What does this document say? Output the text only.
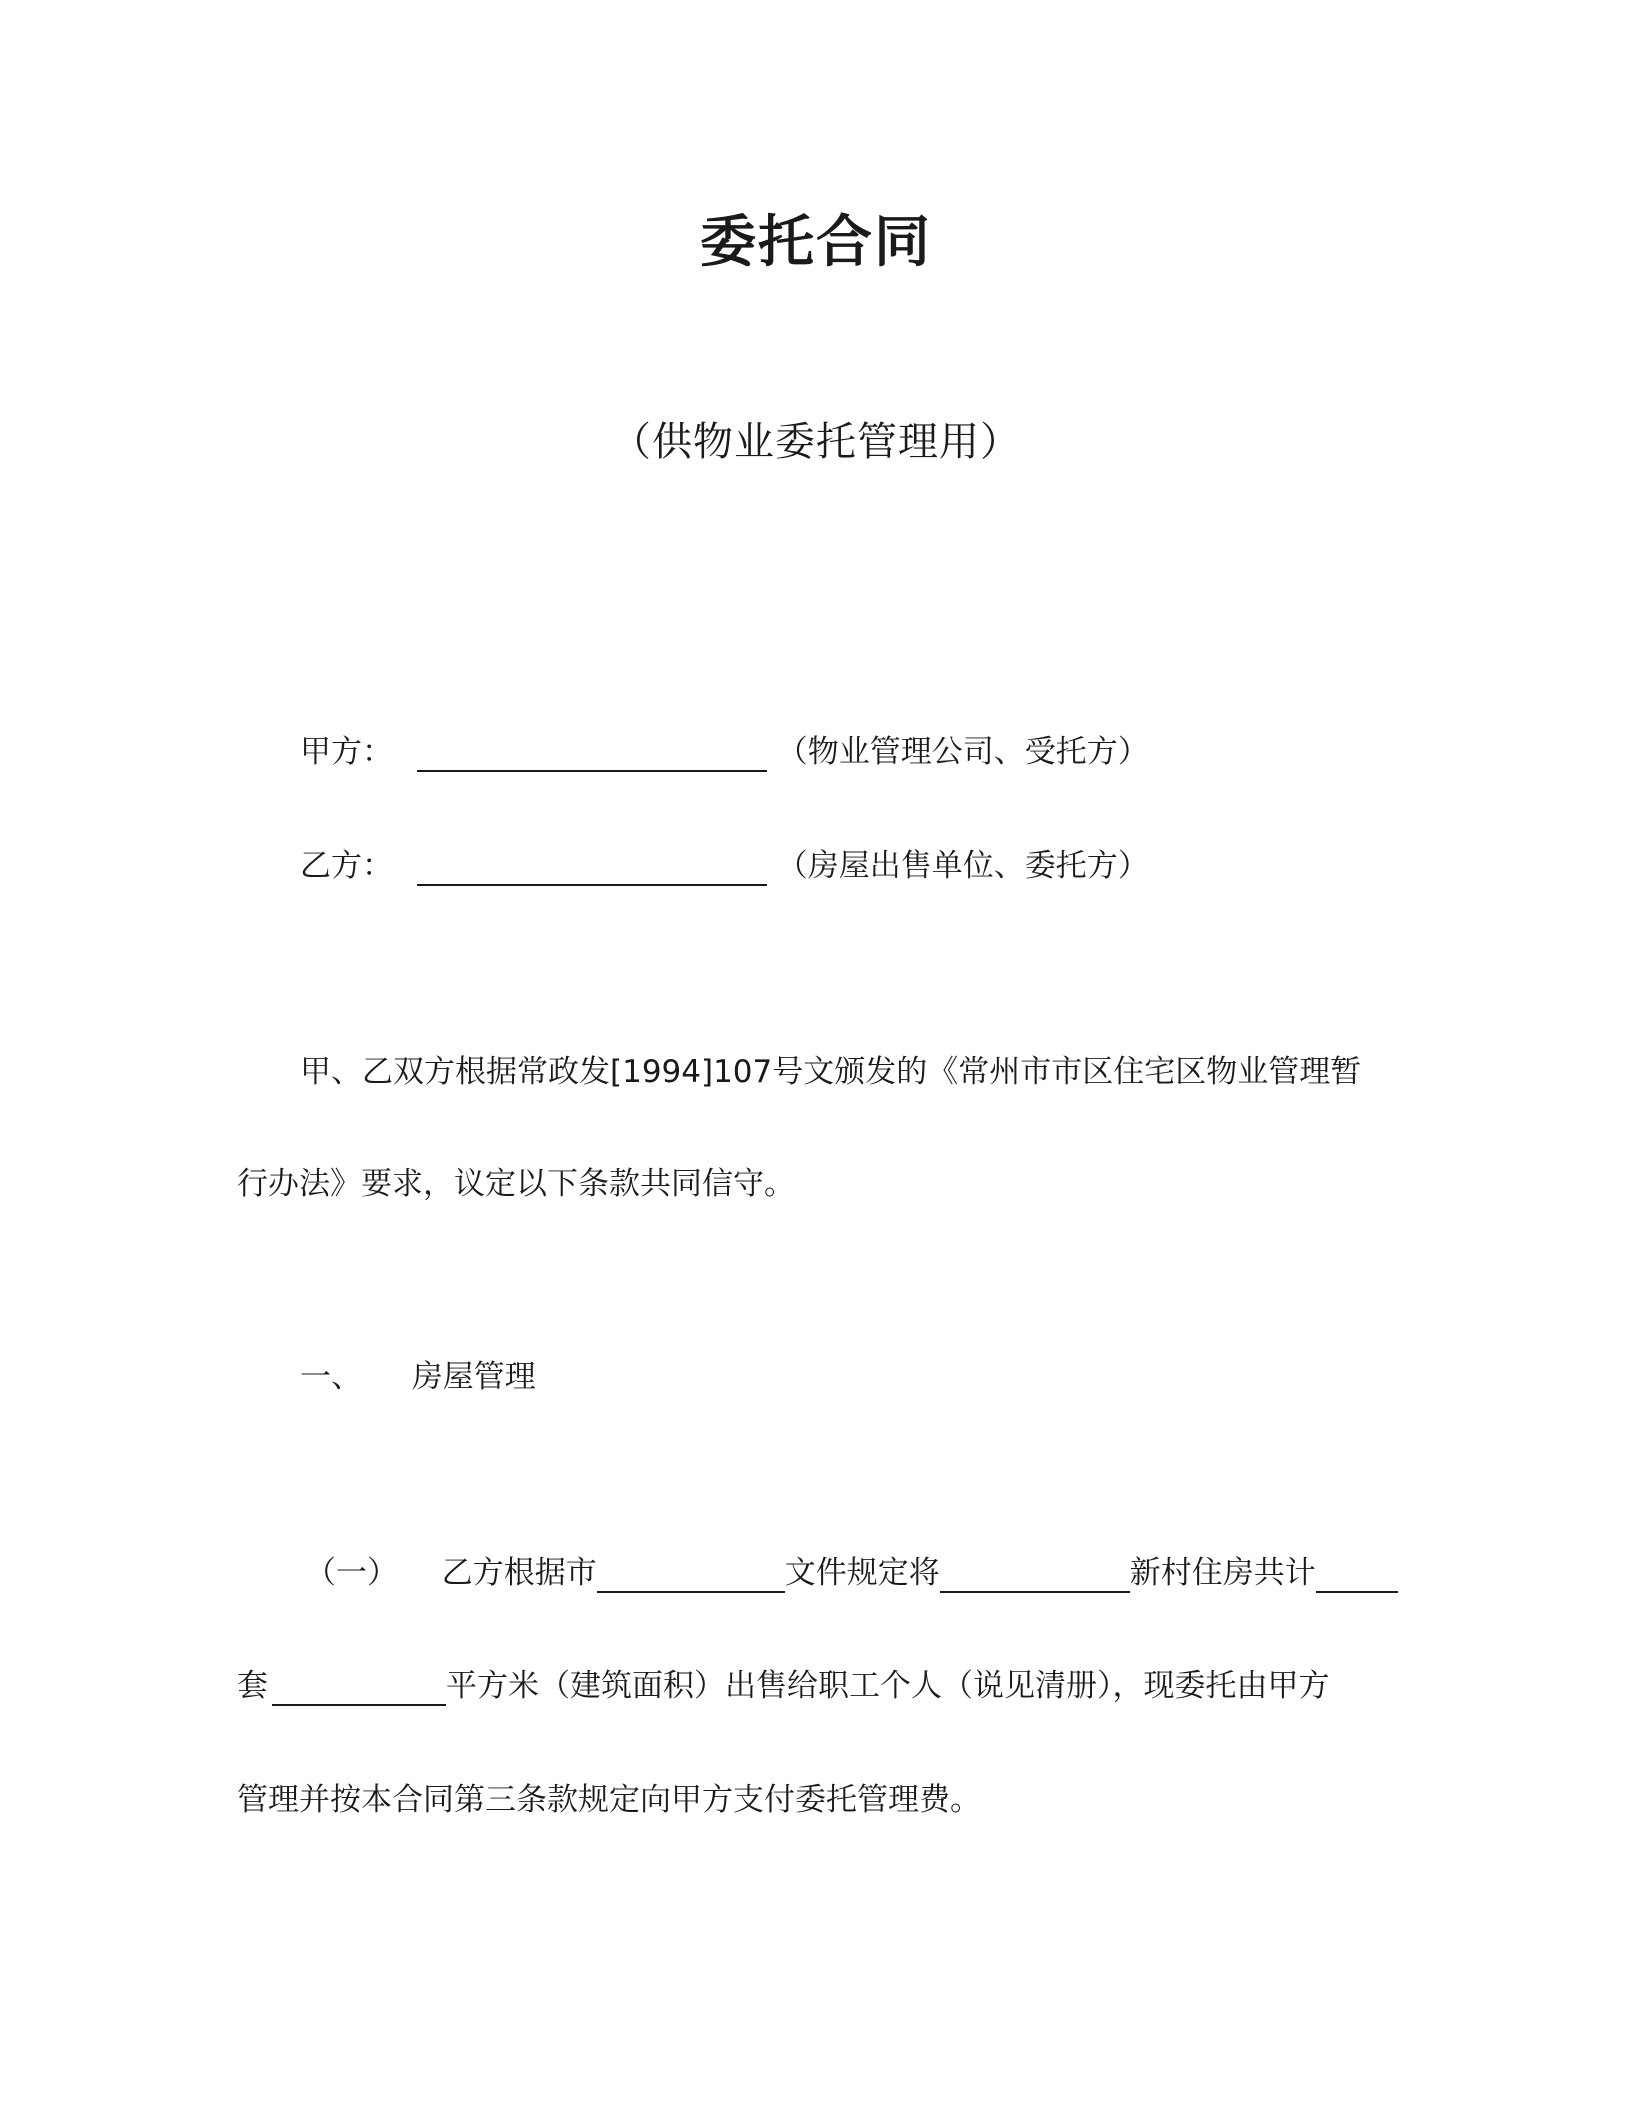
委托合同
（供物业委托管理用）
甲方：	（物业管理公司、受托方）
乙方：	（房屋出售单位、委托方）
甲、乙双方根据常政发[1994]107号文颁发的《常州市市区住宅区物业管理暂
行办法》要求，议定以下条款共同信守。
一、 房屋管理
（一） 乙方根据市	文件规定将	新村住房共计
套	平方米（建筑面积）出售给职工个人（说见清册），现委托由甲方
管理并按本合同第三条款规定向甲方支付委托管理费。
